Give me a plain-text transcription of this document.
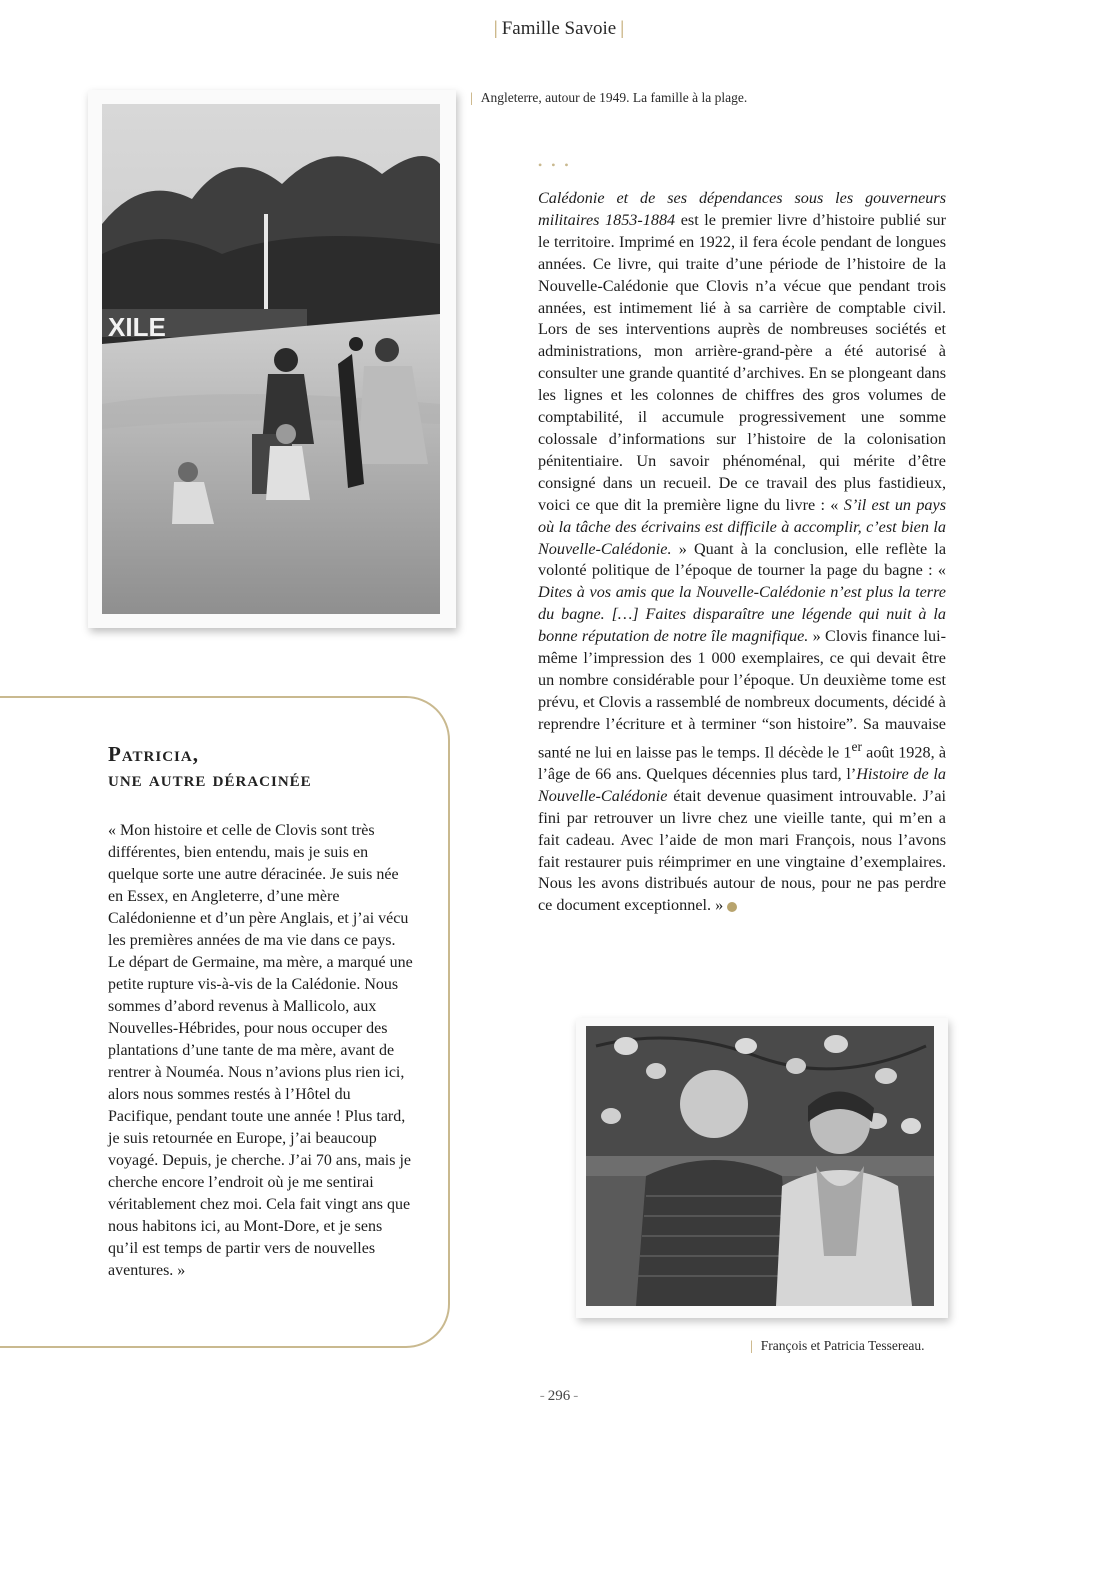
| Famille Savoie |
XILE
| Angleterre, autour de 1949. La famille à la plage.
• • •

Calédonie et de ses dépendances sous les gouverneurs militaires 1853-1884 est le premier livre d’histoire publié sur le territoire. Imprimé en 1922, il fera école pendant de longues années. Ce livre, qui traite d’une période de l’histoire de la Nouvelle-Calédonie que Clovis n’a vécue que pendant trois années, est intimement lié à sa carrière de comptable civil. Lors de ses interventions auprès de nombreuses sociétés et administrations, mon arrière-grand-père a été autorisé à consulter une grande quantité d’archives. En se plongeant dans les lignes et les colonnes de chiffres des gros volumes de comptabilité, il accumule progressivement une somme colossale d’informations sur l’histoire de la colonisation pénitentiaire. Un savoir phénoménal, qui mérite d’être consigné dans un recueil. De ce travail des plus fastidieux, voici ce que dit la première ligne du livre : « S’il est un pays où la tâche des écrivains est difficile à accomplir, c’est bien la Nouvelle-Calédonie. » Quant à la conclusion, elle reflète la volonté politique de l’époque de tourner la page du bagne : « Dites à vos amis que la Nouvelle-Calédonie n’est plus la terre du bagne. […] Faites disparaître une légende qui nuit à la bonne réputation de notre île magnifique. » Clovis finance lui-même l’impression des 1 000 exemplaires, ce qui devait être un nombre considérable pour l’époque. Un deuxième tome est prévu, et Clovis a rassemblé de nombreux documents, décidé à reprendre l’écriture et à terminer “son histoire”. Sa mauvaise santé ne lui en laisse pas le temps. Il décède le 1er août 1928, à l’âge de 66 ans. Quelques décennies plus tard, l’Histoire de la Nouvelle-Calédonie était devenue quasiment introuvable. J’ai fini par retrouver un livre chez une vieille tante, qui m’en a fait cadeau. Avec l’aide de mon mari François, nous l’avons fait restaurer puis réimprimer en une vingtaine d’exemplaires. Nous les avons distribués autour de nous, pour ne pas perdre ce document exceptionnel. »

Patricia,
une autre déracinée

« Mon histoire et celle de Clovis sont très différentes, bien entendu, mais je suis en quelque sorte une autre déracinée. Je suis née en Essex, en Angleterre, d’une mère Calédonienne et d’un père Anglais, et j’ai vécu les premières années de ma vie dans ce pays. Le départ de Germaine, ma mère, a marqué une petite rupture vis-à-vis de la Calédonie. Nous sommes d’abord revenus à Mallicolo, aux Nouvelles-Hébrides, pour nous occuper des plantations d’une tante de ma mère, avant de rentrer à Nouméa. Nous n’avions plus rien ici, alors nous sommes restés à l’Hôtel du Pacifique, pendant toute une année ! Plus tard, je suis retournée en Europe, j’ai beaucoup voyagé. Depuis, je cherche. J’ai 70 ans, mais je cherche encore l’endroit où je me sentirai véritablement chez moi. Cela fait vingt ans que nous habitons ici, au Mont-Dore, et je sens qu’il est temps de partir vers de nouvelles aventures. »

| François et Patricia Tessereau.
- 296 -
